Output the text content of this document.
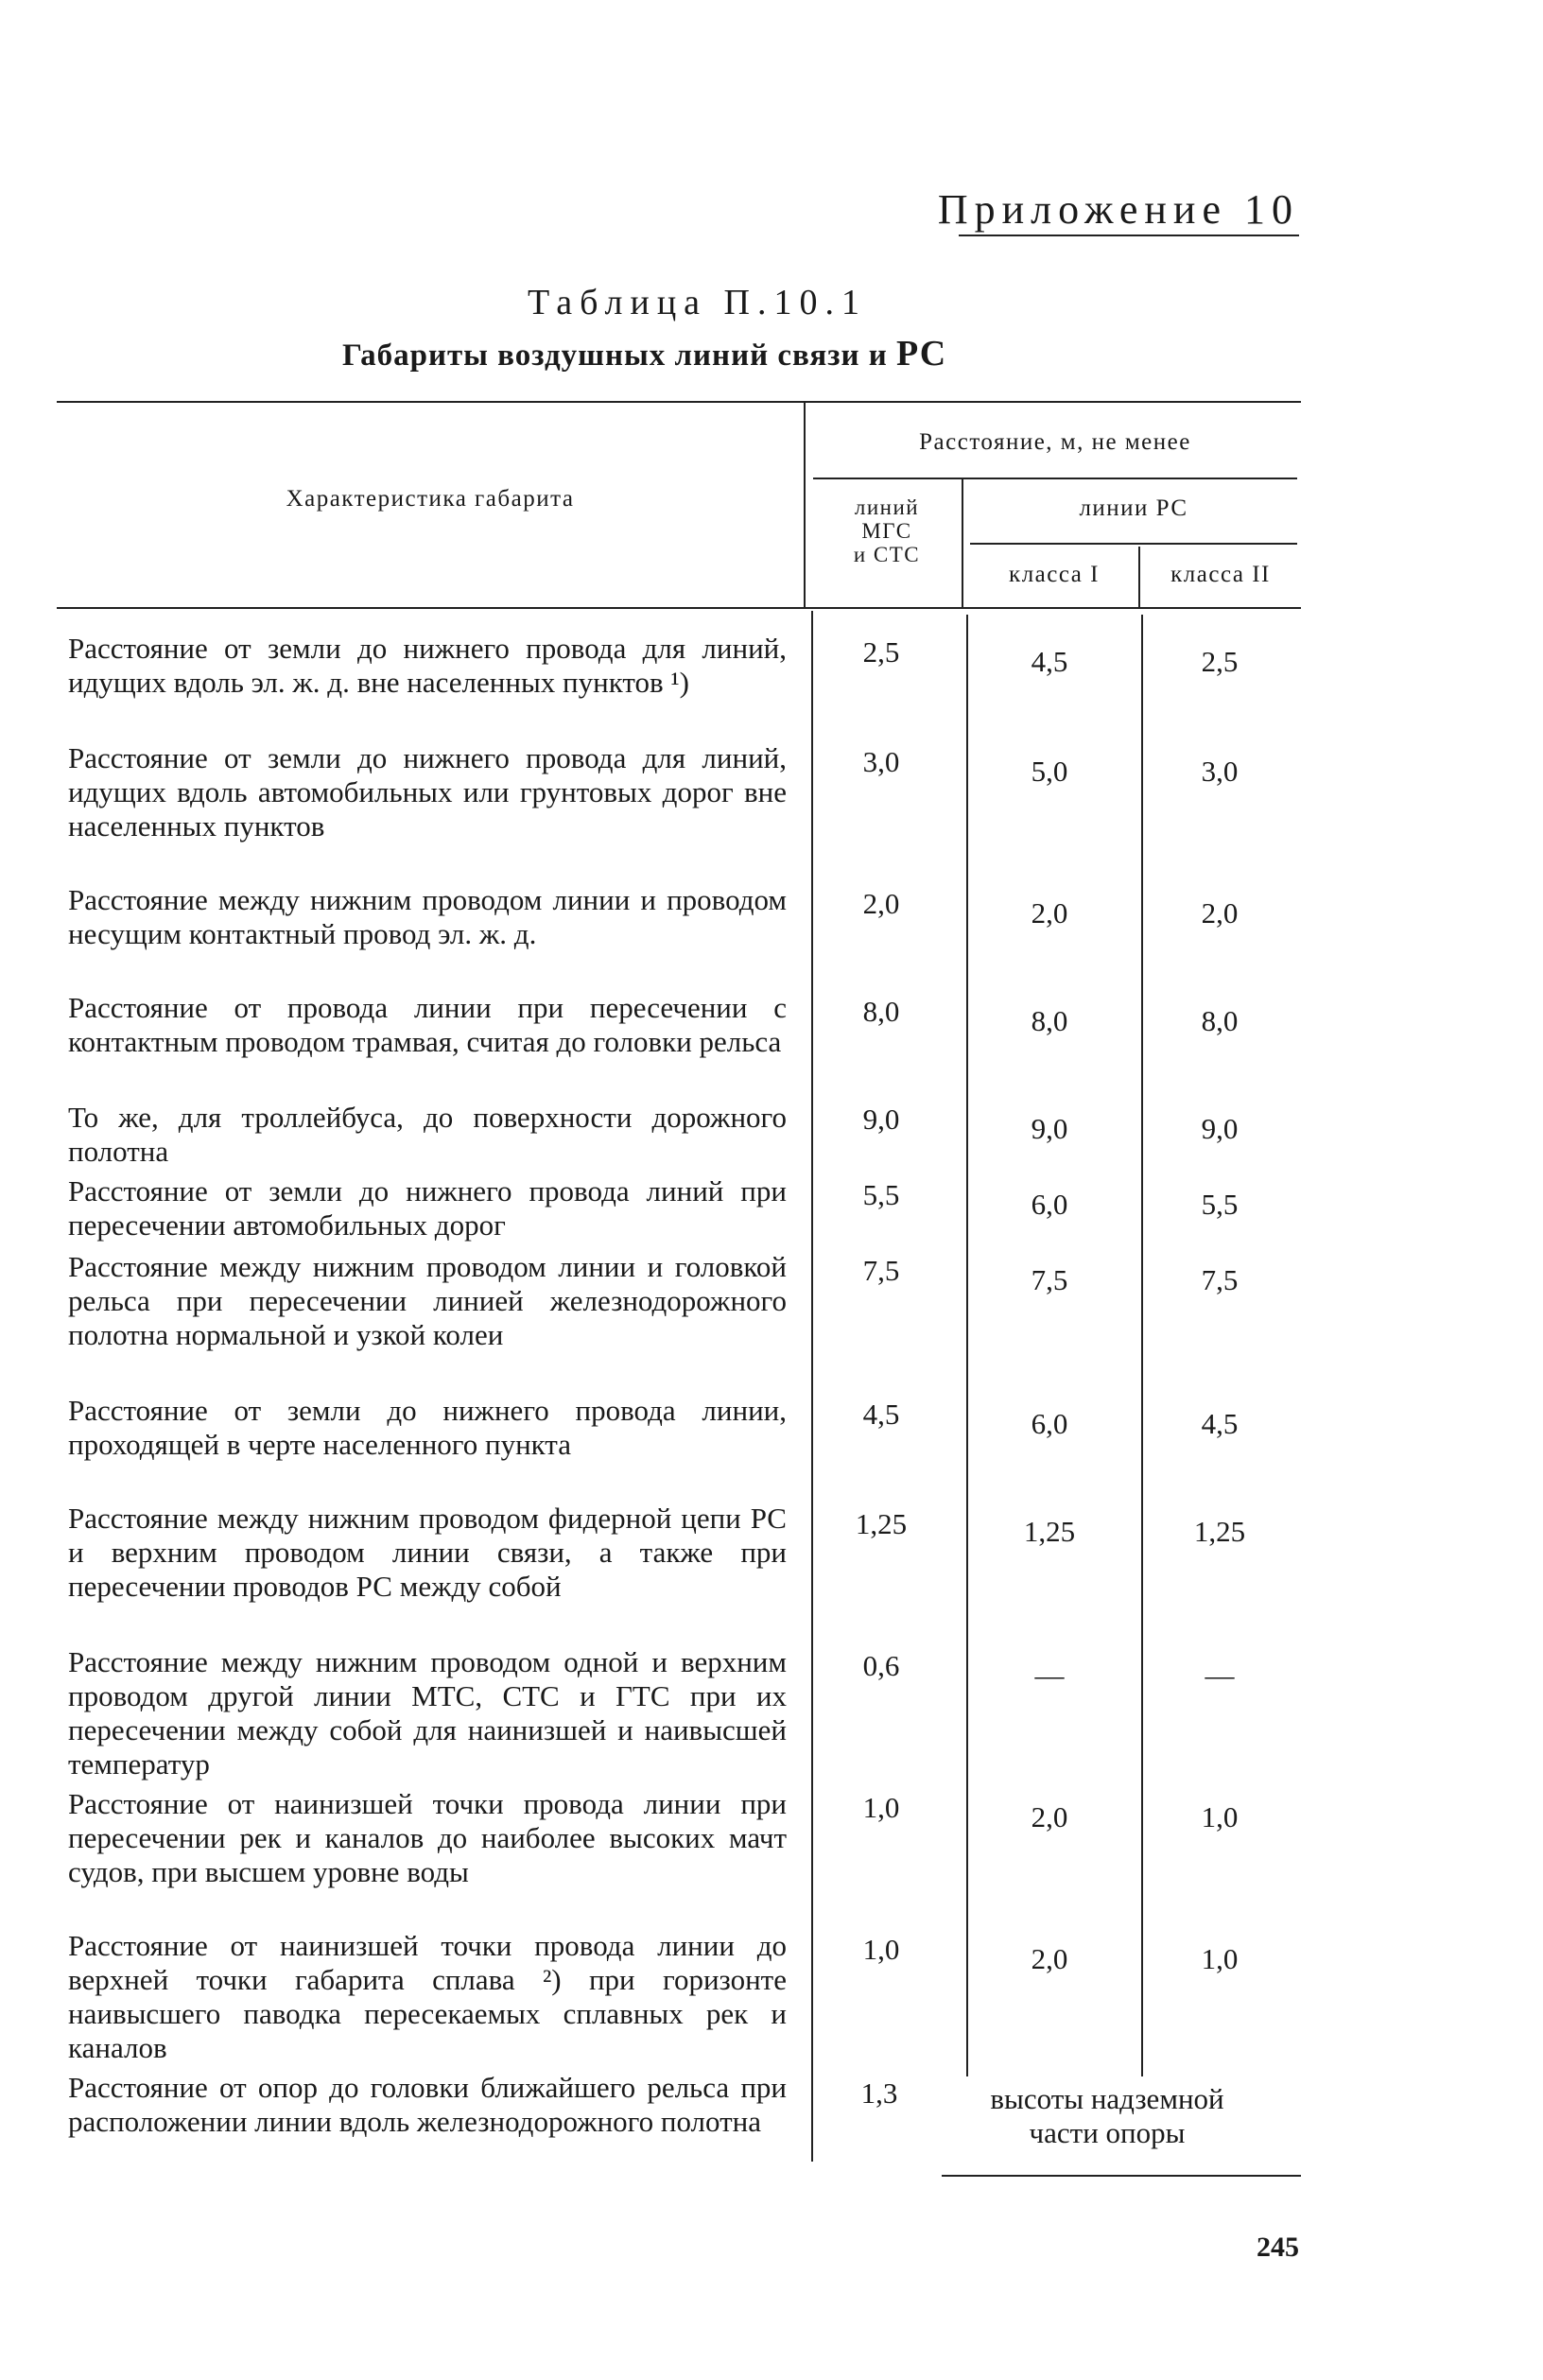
Приложение 10
Таблица П.10.1
Габариты воздушных линий связи и РС
Характеристика габарита
Расстояние, м, не менее
линий
МГС
и СТС
линии РС
класса I	класса II
Расстояние от земли до нижнего провода для линий, идущих вдоль эл. ж. д. вне населенных пунктов ¹)
2,5	4,5	2,5
Расстояние от земли до нижнего провода для линий, идущих вдоль автомобильных или грунтовых дорог вне населенных пунктов
3,0	5,0	3,0
Расстояние между нижним проводом линии и проводом несущим контактный провод эл. ж. д.
2,0	2,0	2,0
Расстояние от провода линии при пересечении с контактным проводом трамвая, считая до головки рельса
8,0	8,0	8,0
То же, для троллейбуса, до поверхности дорожного полотна
9,0	9,0	9,0
Расстояние от земли до нижнего провода линий при пересечении автомобильных дорог
5,5	6,0	5,5
Расстояние между нижним проводом линии и головкой рельса при пересечении линией железнодорожного полотна нормальной и узкой колеи
7,5	7,5	7,5
Расстояние от земли до нижнего провода линии, проходящей в черте населенного пункта
4,5	6,0	4,5
Расстояние между нижним проводом фидерной цепи РС и верхним проводом линии связи, а также при пересечении проводов РС между собой
1,25	1,25	1,25
Расстояние между нижним проводом одной и верхним проводом другой линии МТС, СТС и ГТС при их пересечении между собой для наинизшей и наивысшей температур
0,6	—	—
Расстояние от наинизшей точки провода линии при пересечении рек и каналов до наиболее высоких мачт судов, при высшем уровне воды
1,0	2,0	1,0
Расстояние от наинизшей точки провода линии до верхней точки габарита сплава ²) при горизонте наивысшего паводка пересекаемых сплавных рек и каналов
1,0	2,0	1,0
Расстояние от опор до головки ближайшего рельса при расположении линии вдоль железнодорожного полотна
1,3	высоты надземной
части опоры
245
